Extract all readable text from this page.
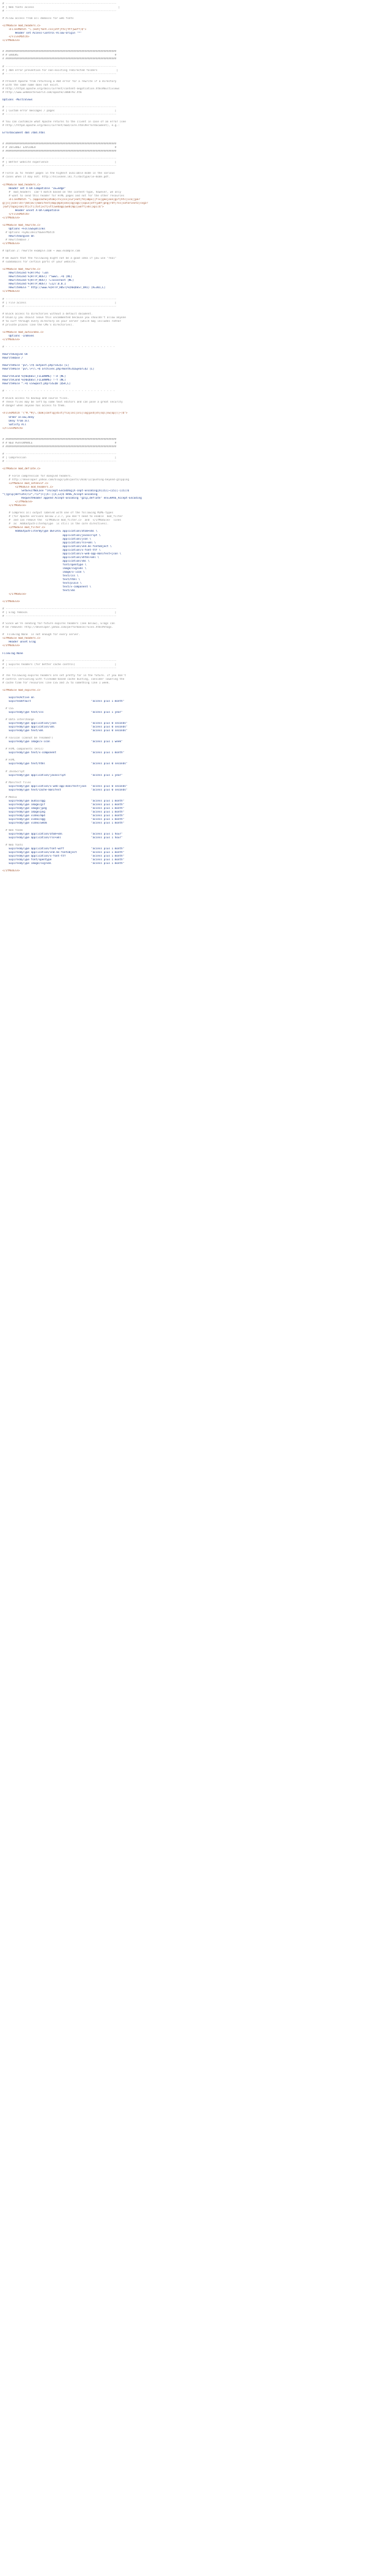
# ----------------------------------------------------------------------
# | Web fonts access                                                     |
# ----------------------------------------------------------------------

# Allow access from all domains for web fonts

<IfModule mod_headers.c>
<FilesMatch "\.(eot|font.css|otf|ttc|ttf|woff)$">
Header set Access-Control-Allow-Origin "*"
</FilesMatch>
</IfModule>

# ######################################################################
# # ERRORS                                                             #
# ######################################################################

# ----------------------------------------------------------------------
# | 404 error prevention for non-existing redirected folders            |
# ----------------------------------------------------------------------

# Prevent Apache from returning a 404 error for a rewrite if a directory
# with the same name does not exist.
# http://httpd.apache.org/docs/current/content-negotiation.html#multiviews
# http://www.webmasterworld.com/apache/3808792.htm

Options -MultiViews

# ----------------------------------------------------------------------
# | Custom error messages / pages                                      |
# ----------------------------------------------------------------------

# You can customize what Apache returns to the client in case of an error (see
# http://httpd.apache.org/docs/current/mod/core.html#errordocument), e.g.:

ErrorDocument 404 /404.html

# ######################################################################
# # INTERNET EXPLORER                                                  #
# ######################################################################

# ----------------------------------------------------------------------
# | Better website experience                                          |
# ----------------------------------------------------------------------

# Force IE to render pages in the highest available mode in the various
# cases when it may not: http://hsivonen.iki.fi/doctype/ie-mode.pdf.

<IfModule mod_headers.c>
Header set X-UA-Compatible "IE=edge"
# `mod_headers` can't match based on the content-type, however, we only
# want to send this header for HTML pages and not for the other resources
<FilesMatch "\.(appcache|atom|crx|css|cur|eot|f4[abpv]|flv|geojson|gif|htc|ico|jpe?
g|js|json(ld)?|m4[av]|manifest|map|mp4|oex|og[agv]|opus|otf|pdf|png|rdf|rss|safariextz|svgz?
|swf|topojson|tt[cf]|txt|vcf|vtt|webapp|web[mp]|woff|xml|xpi)$">
Header unset X-UA-Compatible
</FilesMatch>
</IfModule>

<IfModule mod_rewrite.c>
Options +FollowSymlinks
# Options +SymLinksIfOwnerMatch
RewriteEngine On
# RewriteBase /
</IfModule>

# Option 2: rewrite example.com → www.example.com

# Be aware that the following might not be a good idea if you use "real"
# subdomains for certain parts of your website.

<IfModule mod_rewrite.c>
RewriteCond %{HTTPS} !=on
RewriteCond %{HTTP_HOST} !^www\..+$ [NC]
RewriteCond %{HTTP_HOST} !=localhost [NC]
RewriteCond %{HTTP_HOST} !=127.0.0.1
RewriteRule ^ http://www.%{HTTP_HOST}%{REQUEST_URI} [R=301,L]
</IfModule>

# ----------------------------------------------------------------------
# | File access                                                        |
# ----------------------------------------------------------------------

# Block access to directories without a default document.
# Usually you should leave this uncommented because you shouldn't allow anyone
# to surf through every directory on your server (which may includes rather
# private places like the CMS's directories).

<IfModule mod_autoindex.c>
Options -Indexes
</IfModule>

# - - - - - - - - - - - - - - - - - - - - - - - - - - - - - - - - - - -

RewriteEngine On
RewriteBase /

RewriteRule "pv\.\+$ outpost.php?id=$1 [L]
RewriteRule "pv\.\+\\.+$ archives.php?month=$1&year=$2 [L]

RewriteCond %{REQUEST_FILENAME} !-d [NC]
RewriteCond %{REQUEST_FILENAME} !-f [NC]
RewriteRule ^.+$ viewpost.php?id=$0 [QSA,L]

# - - - - - - - - - - - - - - - - - - - - - - - - - - - - - - - - - - -

# Block access to backup and source files.
# These files may be left by some text editors and can pose a great security
# danger when anyone has access to them.

<FilesMatch "(^#.*#|\.(bak|config|dist|fla|inc|ini|log|psd|sh|sql|sw[op])|~)$">
Order allow,deny
Deny from all
Satisfy All
</FilesMatch>

# ######################################################################
# # WEB PERFORMANCE                                                    #
# ######################################################################

# ----------------------------------------------------------------------
# | Compression                                                        |
# ----------------------------------------------------------------------

<IfModule mod_deflate.c>

# Force compression for mangled headers.
# http://developer.yahoo.com/blogs/ydn/posts/2010/12/pushing-beyond-gzipping
<IfModule mod_setenvif.c>
<IfModule mod_headers.c>
SetEnvIfNoCase ^(Accept-EncodXng|X-cept-Encoding|X{15}|~{15}|-{15})$
^((gzip|deflate)\s*,?\s*)+|[X~-]{4,13}$ HAVE_Accept-Encoding
RequestHeader append Accept-Encoding "gzip,deflate" env=HAVE_Accept-Encoding
</IfModule>
</IfModule>

# Compress all output labeled with one of the following MIME-types
# (for Apache versions below 2.3.7, you don't need to enable `mod_filter`
#  and can remove the `<IfModule mod_filter.c>` and `</IfModule>` lines
#  as `AddOutputFilterByType` is still in the core directives).
<IfModule mod_filter.c>
AddOutputFilterByType DEFLATE application/atom+xml \
application/javascript \
application/json \
application/rss+xml \
application/vnd.ms-fontobject \
application/x-font-ttf \
application/x-web-app-manifest+json \
application/xhtml+xml \
application/xml \
font/opentype \
image/svg+xml \
image/x-icon \
text/css \
text/html \
text/plain \
text/x-component \
text/xml
</IfModule>

</IfModule>

# ----------------------------------------------------------------------
# | ETag removal                                                       |
# ----------------------------------------------------------------------

# Since we're sending far-future expires headers (see below), ETags can
# be removed: http://developer.yahoo.com/performance/rules.html#etags.

# `FileETag None` is not enough for every server.
<IfModule mod_headers.c>
Header unset ETag
</IfModule>

FileETag None

# ----------------------------------------------------------------------
# | Expires headers (for better cache control)                         |
# ----------------------------------------------------------------------

# The following expires headers are set pretty far in the future. If you don't
# control versioning with filename-based cache busting, consider lowering the
# cache time for resources like CSS and JS to something like 1 week.

<IfModule mod_expires.c>

ExpiresActive on
ExpiresDefault                                      "access plus 1 month"

# CSS
ExpiresByType text/css                              "access plus 1 year"

# Data interchange
ExpiresByType application/json                      "access plus 0 seconds"
ExpiresByType application/xml                       "access plus 0 seconds"
ExpiresByType text/xml                              "access plus 0 seconds"

# Favicon (cannot be renamed!)
ExpiresByType image/x-icon                          "access plus 1 week"

# HTML components (HTCs)
ExpiresByType text/x-component                      "access plus 1 month"

# HTML
ExpiresByType text/html                             "access plus 0 seconds"

# JavaScript
ExpiresByType application/javascript                "access plus 1 year"

# Manifest files
ExpiresByType application/x-web-app-manifest+json   "access plus 0 seconds"
ExpiresByType text/cache-manifest                   "access plus 0 seconds"

# Media
ExpiresByType audio/ogg                             "access plus 1 month"
ExpiresByType image/gif                             "access plus 1 month"
ExpiresByType image/jpeg                            "access plus 1 month"
ExpiresByType image/png                             "access plus 1 month"
ExpiresByType video/mp4                             "access plus 1 month"
ExpiresByType video/ogg                             "access plus 1 month"
ExpiresByType video/webm                            "access plus 1 month"

# Web feeds
ExpiresByType application/atom+xml                  "access plus 1 hour"
ExpiresByType application/rss+xml                   "access plus 1 hour"

# Web fonts
ExpiresByType application/font-woff                 "access plus 1 month"
ExpiresByType application/vnd.ms-fontobject         "access plus 1 month"
ExpiresByType application/x-font-ttf                "access plus 1 month"
ExpiresByType font/opentype                         "access plus 1 month"
ExpiresByType image/svg+xml                         "access plus 1 month"

</IfModule>
